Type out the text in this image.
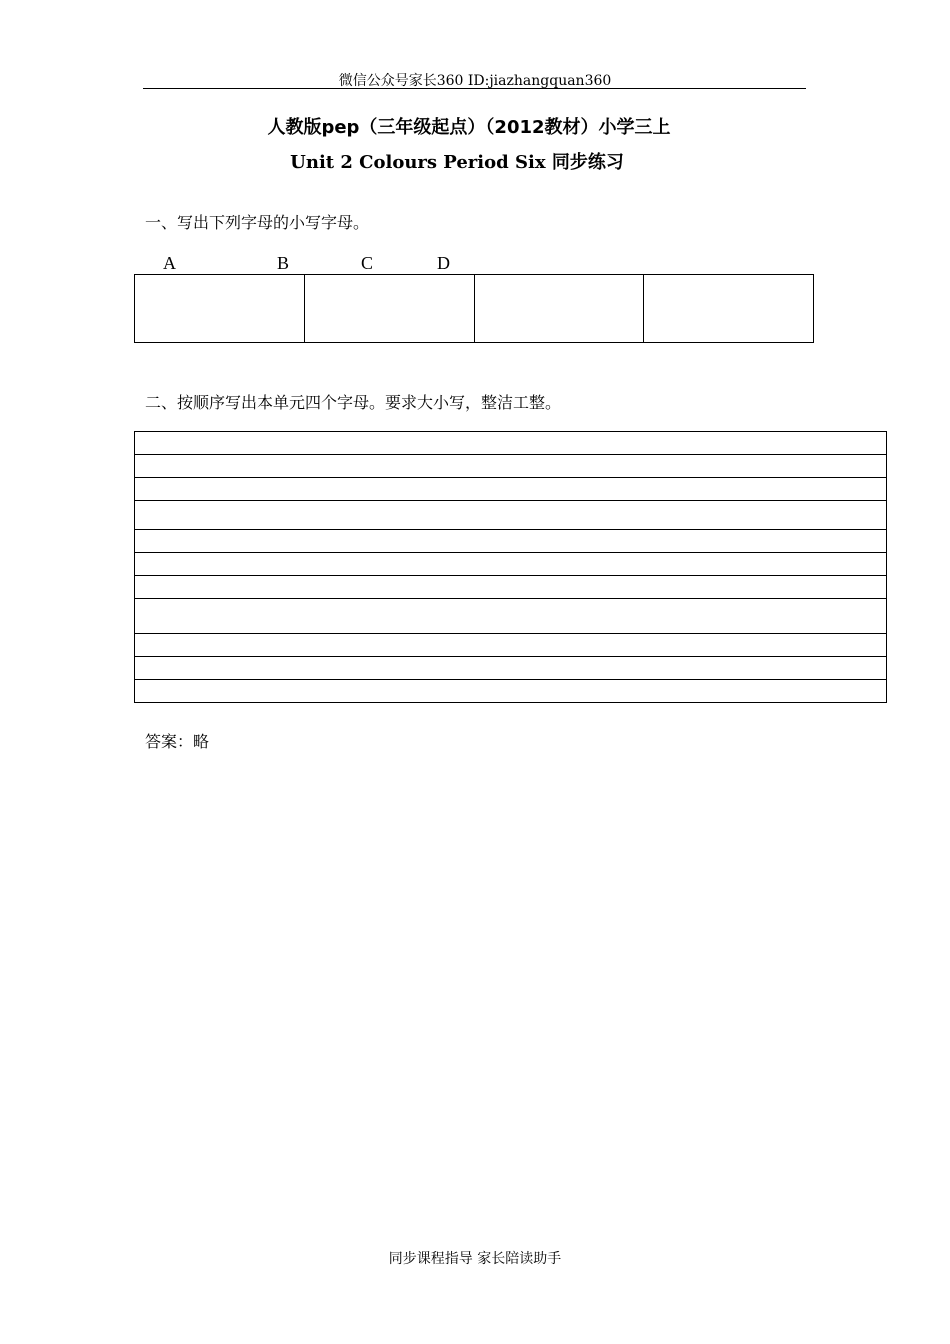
微信公众号家长360 ID:jiazhangquan360
人教版pep（三年级起点）（2012教材）小学三上
Unit 2 Colours Period Six 同步练习
一、写出下列字母的小写字母。
A	B	C	D
二、按顺序写出本单元四个字母。要求大小写，整洁工整。
答案：略
同步课程指导 家长陪读助手
